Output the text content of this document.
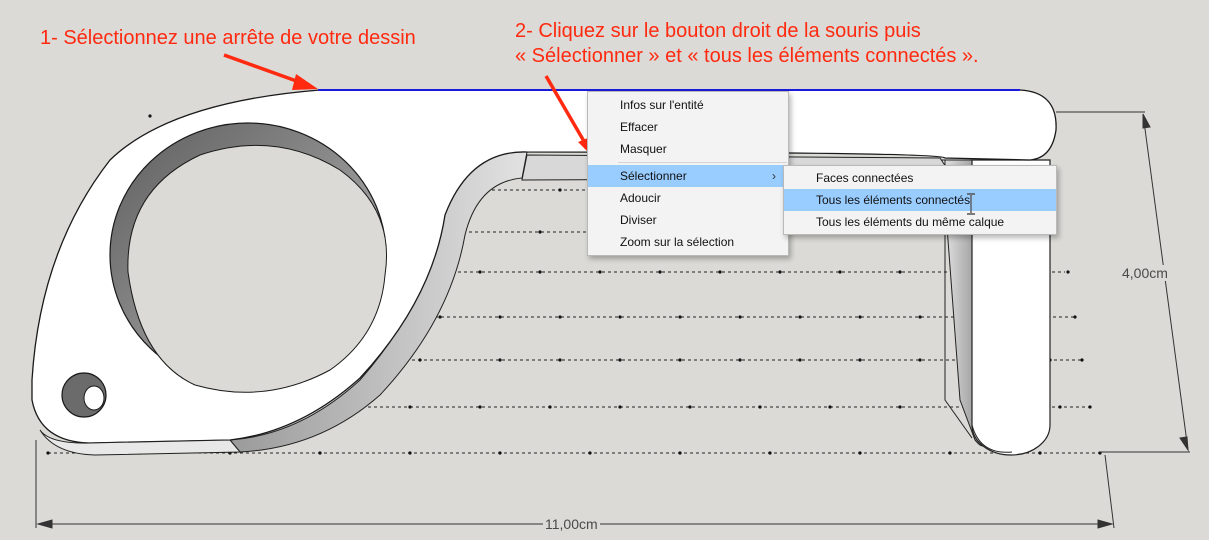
1- Sélectionnez une arrête de votre dessin	2- Cliquez sur le bouton droit de la souris puis
« Sélectionner » et « tous les éléments connectés ».
11,00cm
4,00cm
Infos sur l'entité
Effacer
Masquer
Sélectionner	›
Adoucir
Diviser
Zoom sur la sélection
Faces connectées
Tous les éléments connectés
Tous les éléments du même calque
